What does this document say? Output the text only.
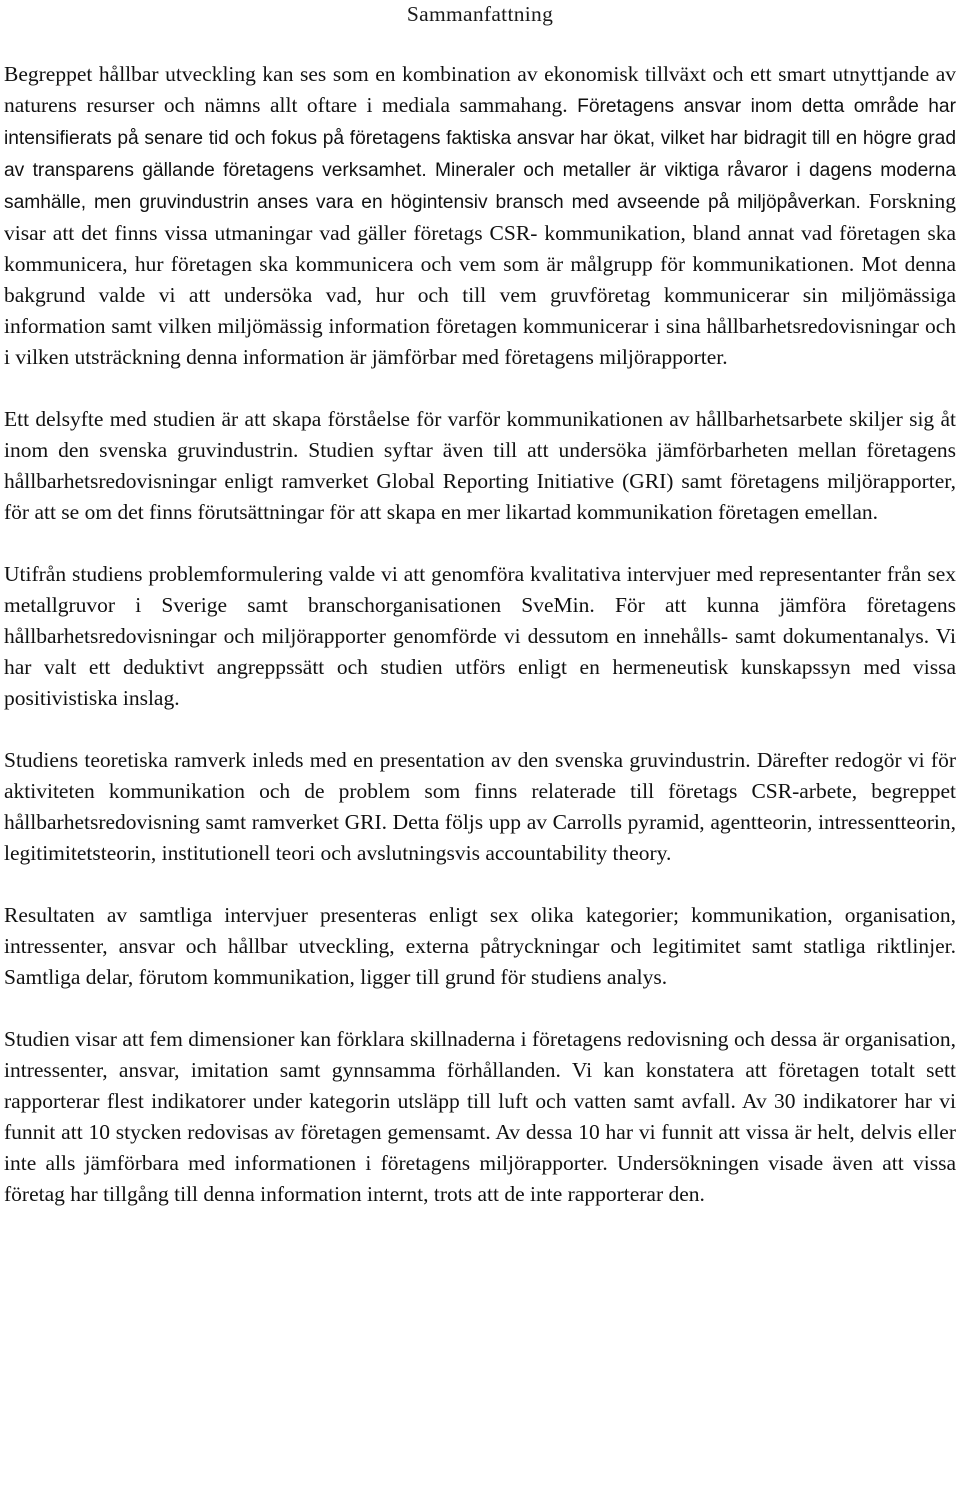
Sammanfattning

Begreppet hållbar utveckling kan ses som en kombination av ekonomisk tillväxt och ett smart utnyttjande av naturens resurser och nämns allt oftare i mediala sammahang. Företagens ansvar inom detta område har intensifierats på senare tid och fokus på företagens faktiska ansvar har ökat, vilket har bidragit till en högre grad av transparens gällande företagens verksamhet. Mineraler och metaller är viktiga råvaror i dagens moderna samhälle, men gruvindustrin anses vara en högintensiv bransch med avseende på miljöpåverkan. Forskning visar att det finns vissa utmaningar vad gäller företags CSR- kommunikation, bland annat vad företagen ska kommunicera, hur företagen ska kommunicera och vem som är målgrupp för kommunikationen. Mot denna bakgrund valde vi att undersöka vad, hur och till vem gruvföretag kommunicerar sin miljömässiga information samt vilken miljömässig information företagen kommunicerar i sina hållbarhetsredovisningar och i vilken utsträckning denna information är jämförbar med företagens miljörapporter.

Ett delsyfte med studien är att skapa förståelse för varför kommunikationen av hållbarhetsarbete skiljer sig åt inom den svenska gruvindustrin. Studien syftar även till att undersöka jämförbarheten mellan företagens hållbarhetsredovisningar enligt ramverket Global Reporting Initiative (GRI) samt företagens miljörapporter, för att se om det finns förutsättningar för att skapa en mer likartad kommunikation företagen emellan.

Utifrån studiens problemformulering valde vi att genomföra kvalitativa intervjuer med representanter från sex metallgruvor i Sverige samt branschorganisationen SveMin. För att kunna jämföra företagens hållbarhetsredovisningar och miljörapporter genomförde vi dessutom en innehålls- samt dokumentanalys. Vi har valt ett deduktivt angreppssätt och studien utförs enligt en hermeneutisk kunskapssyn med vissa positivistiska inslag.

Studiens teoretiska ramverk inleds med en presentation av den svenska gruvindustrin. Därefter redogör vi för aktiviteten kommunikation och de problem som finns relaterade till företags CSR-arbete, begreppet hållbarhetsredovisning samt ramverket GRI. Detta följs upp av Carrolls pyramid, agentteorin, intressentteorin, legitimitetsteorin, institutionell teori och avslutningsvis accountability theory.

Resultaten av samtliga intervjuer presenteras enligt sex olika kategorier; kommunikation, organisation, intressenter, ansvar och hållbar utveckling, externa påtryckningar och legitimitet samt statliga riktlinjer. Samtliga delar, förutom kommunikation, ligger till grund för studiens analys.

Studien visar att fem dimensioner kan förklara skillnaderna i företagens redovisning och dessa är organisation, intressenter, ansvar, imitation samt gynnsamma förhållanden. Vi kan konstatera att företagen totalt sett rapporterar flest indikatorer under kategorin utsläpp till luft och vatten samt avfall. Av 30 indikatorer har vi funnit att 10 stycken redovisas av företagen gemensamt. Av dessa 10 har vi funnit att vissa är helt, delvis eller inte alls jämförbara med informationen i företagens miljörapporter. Undersökningen visade även att vissa företag har tillgång till denna information internt, trots att de inte rapporterar den.
